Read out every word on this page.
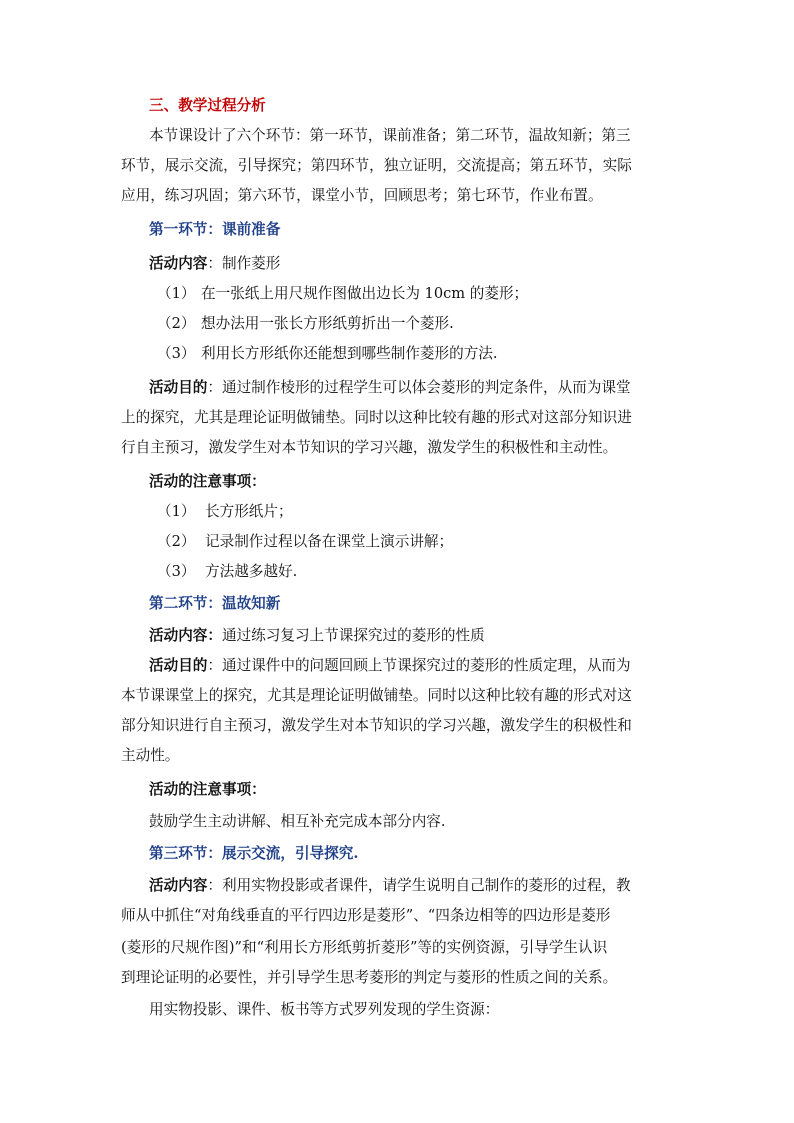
三、教学过程分析
本节课设计了六个环节：第一环节，课前准备；第二环节，温故知新；第三
环节，展示交流，引导探究；第四环节，独立证明，交流提高；第五环节，实际
应用，练习巩固；第六环节，课堂小节，回顾思考；第七环节，作业布置。
第一环节：课前准备
活动内容：制作菱形
（1） 在一张纸上用尺规作图做出边长为 10cm 的菱形；
（2） 想办法用一张长方形纸剪折出一个菱形.
（3） 利用长方形纸你还能想到哪些制作菱形的方法.
活动目的：通过制作棱形的过程学生可以体会菱形的判定条件，从而为课堂
上的探究，尤其是理论证明做铺垫。同时以这种比较有趣的形式对这部分知识进
行自主预习，激发学生对本节知识的学习兴趣，激发学生的积极性和主动性。
活动的注意事项：
（1） 长方形纸片；
（2） 记录制作过程以备在课堂上演示讲解；
（3） 方法越多越好.
第二环节：温故知新
活动内容：通过练习复习上节课探究过的菱形的性质
活动目的：通过课件中的问题回顾上节课探究过的菱形的性质定理，从而为
本节课课堂上的探究，尤其是理论证明做铺垫。同时以这种比较有趣的形式对这
部分知识进行自主预习，激发学生对本节知识的学习兴趣，激发学生的积极性和
主动性。
活动的注意事项：
鼓励学生主动讲解、相互补充完成本部分内容.
第三环节：展示交流，引导探究.
活动内容：利用实物投影或者课件，请学生说明自己制作的菱形的过程，教
师从中抓住“对角线垂直的平行四边形是菱形”、“四条边相等的四边形是菱形
(菱形的尺规作图)”和“利用长方形纸剪折菱形”等的实例资源，引导学生认识
到理论证明的必要性，并引导学生思考菱形的判定与菱形的性质之间的关系。
用实物投影、课件、板书等方式罗列发现的学生资源：
